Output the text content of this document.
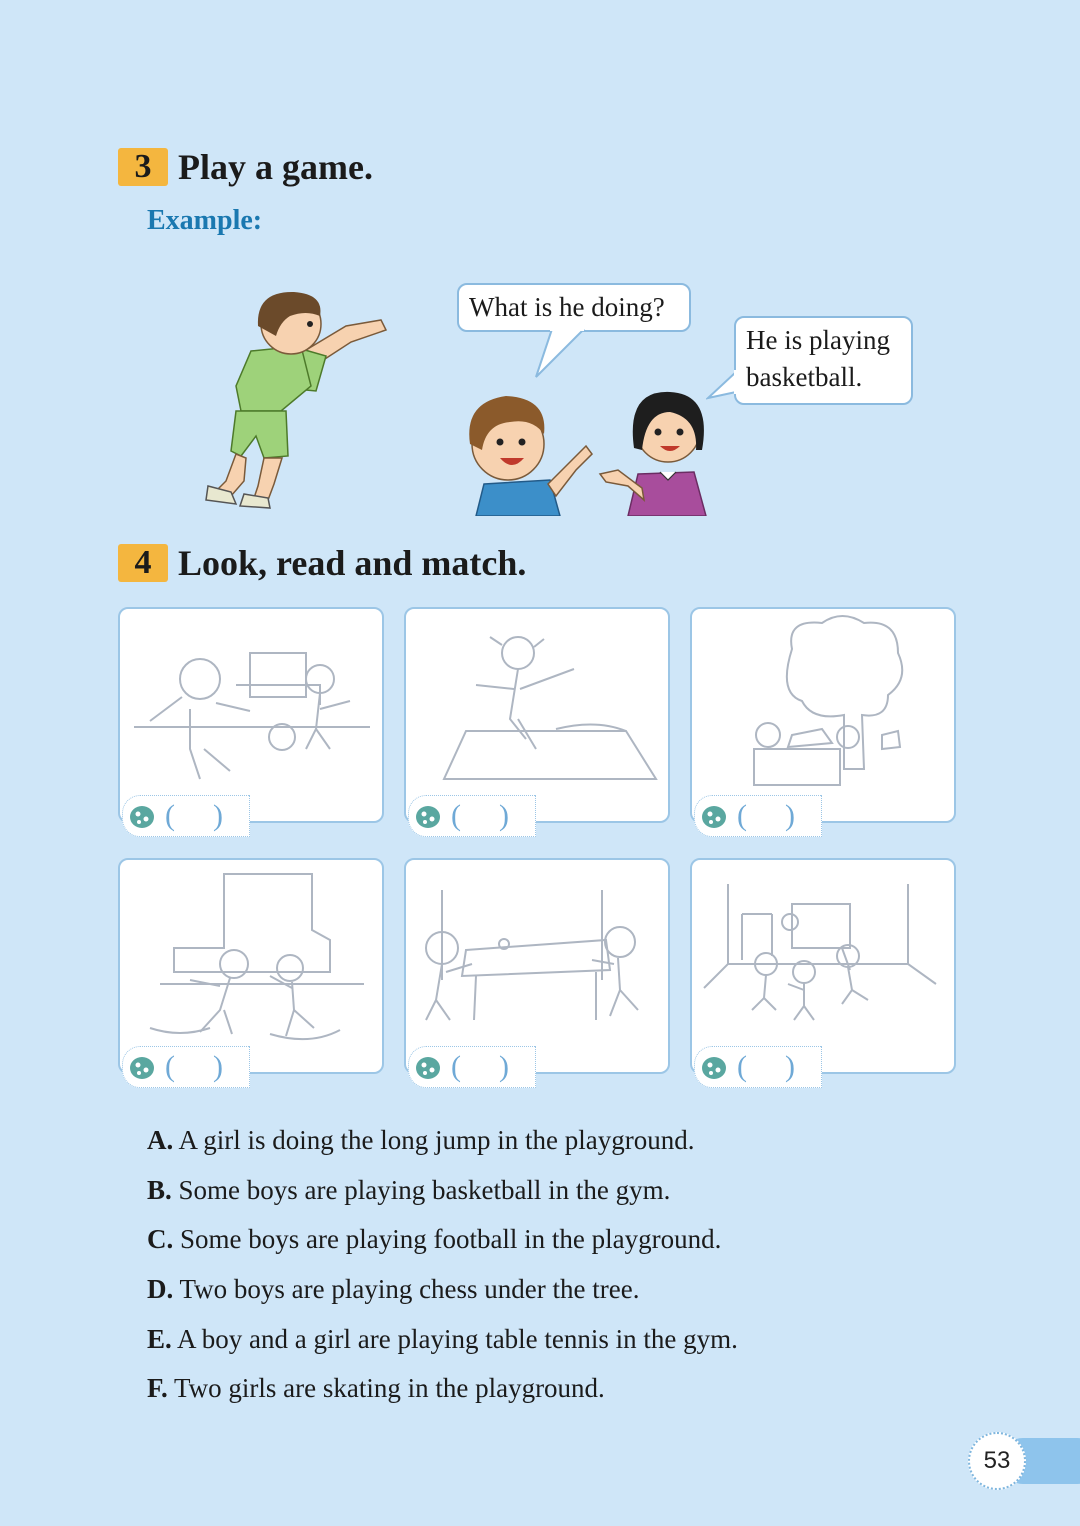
3 Play a game.
Example:
What is he doing?
He is playing
basketball.
4 Look, read and match.
( )	( )	( )
( )	( )	( )
A. A girl is doing the long jump in the playground.
B. Some boys are playing basketball in the gym.
C. Some boys are playing football in the playground.
D. Two boys are playing chess under the tree.
E. A boy and a girl are playing table tennis in the gym.
F. Two girls are skating in the playground.
53
